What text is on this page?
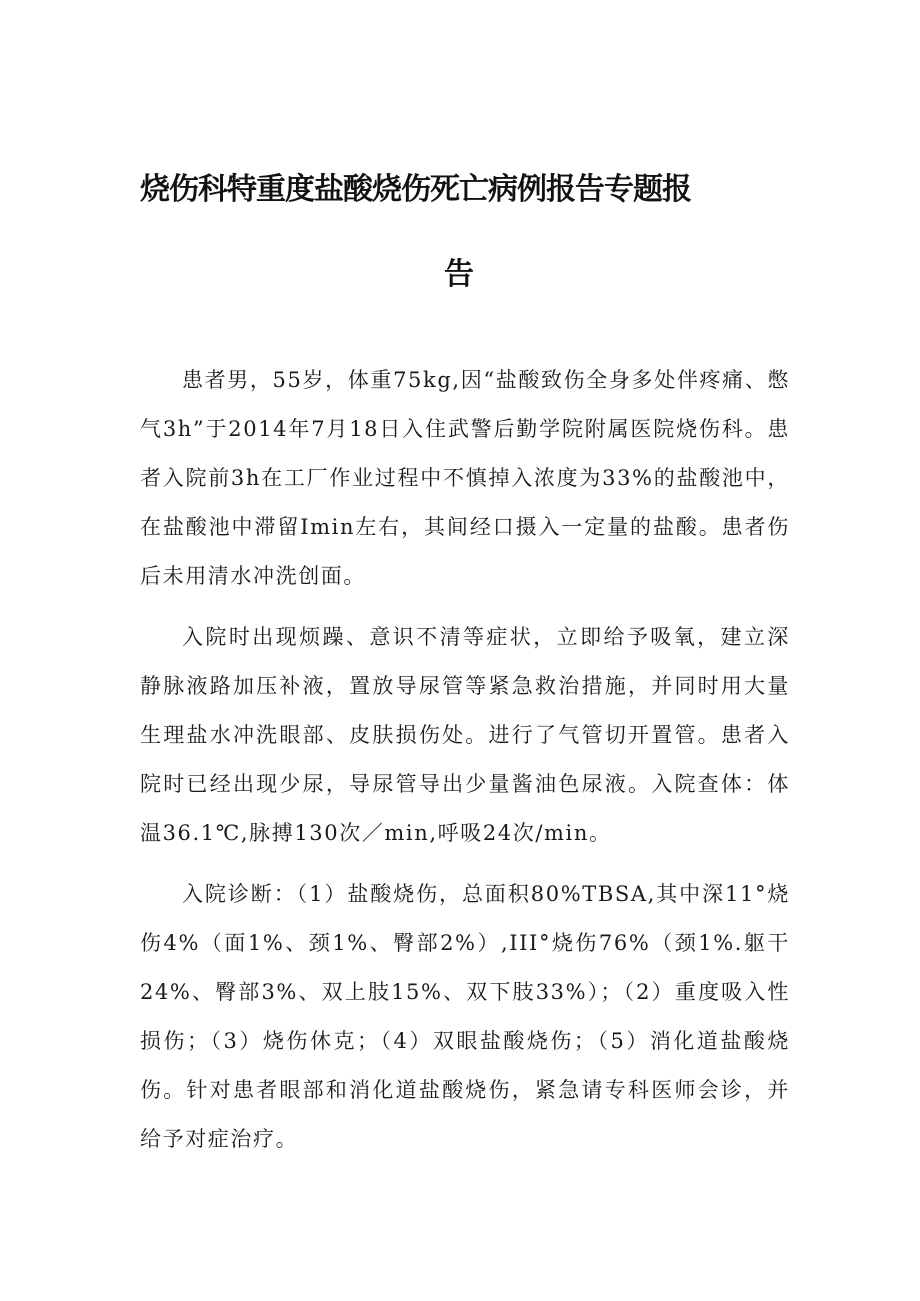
烧伤科特重度盐酸烧伤死亡病例报告专题报
告

患者男，55岁，体重75kg,因“盐酸致伤全身多处伴疼痛、憋气3h”于2014年7月18日入住武警后勤学院附属医院烧伤科。患者入院前3h在工厂作业过程中不慎掉入浓度为33%的盐酸池中，在盐酸池中滞留Imin左右，其间经口摄入一定量的盐酸。患者伤后未用清水冲洗创面。

入院时出现烦躁、意识不清等症状，立即给予吸氧，建立深静脉液路加压补液，置放导尿管等紧急救治措施，并同时用大量生理盐水冲洗眼部、皮肤损伤处。进行了气管切开置管。患者入院时已经出现少尿，导尿管导出少量酱油色尿液。入院查体：体温36.1℃,脉搏130次／min,呼吸24次/min。

入院诊断：（1）盐酸烧伤，总面积80%TBSA,其中深11°烧伤4%（面1%、颈1%、臀部2%）,III°烧伤76%（颈1%.躯干24%、臀部3%、双上肢15%、双下肢33%）；（2）重度吸入性损伤；（3）烧伤休克；（4）双眼盐酸烧伤；（5）消化道盐酸烧伤。针对患者眼部和消化道盐酸烧伤，紧急请专科医师会诊，并给予对症治疗。
